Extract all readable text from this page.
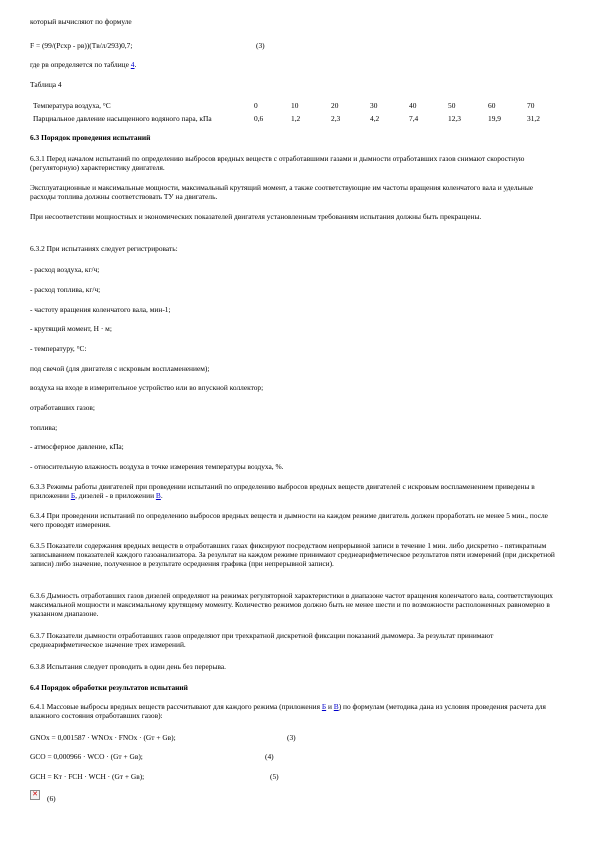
который вычисляют по формуле

F = (99/(Pсхр - pв))(Tв/л/293)0,7;	(3)

где рв определяется по таблице 4.

Таблица 4

Температура воздуха, °C	0	10	20	30	40	50	60	70
Парциальное давление насыщенного водяного пара, кПа	0,6	1,2	2,3	4,2	7,4	12,3	19,9	31,2

6.3 Порядок проведения испытаний

6.3.1 Перед началом испытаний по определению выбросов вредных веществ с отработавшими газами и дымности отработавших газов снимают скоростную (регуляторную) характеристику двигателя.

Эксплуатационные и максимальные мощности, максимальный крутящий момент, а также соответствующие им частоты вращения коленчатого вала и удельные расходы топлива должны соответствовать ТУ на двигатель.

При несоответствии мощностных и экономических показателей двигателя установленным требованиям испытания должны быть прекращены.

6.3.2 При испытаниях следует регистрировать:

- расход воздуха, кг/ч;

- расход топлива, кг/ч;

- частоту вращения коленчатого вала, мин-1;

- крутящий момент, Н · м;

- температуру, °C:

под свечой (для двигателя с искровым воспламенением);

воздуха на входе в измерительное устройство или во впускной коллектор;

отработавших газов;

топлива;

- атмосферное давление, кПа;

- относительную влажность воздуха в точке измерения температуры воздуха, %.

6.3.3 Режимы работы двигателей при проведении испытаний по определению выбросов вредных веществ двигателей с искровым воспламенением приведены в приложении Б, дизелей - в приложении В.

6.3.4 При проведении испытаний по определению выбросов вредных веществ и дымности на каждом режиме двигатель должен проработать не менее 5 мин., после чего проводят измерения.

6.3.5 Показатели содержания вредных веществ в отработавших газах фиксируют посредством непрерывной записи в течение 1 мин. либо дискретно - пятикратным записыванием показателей каждого газоанализатора. За результат на каждом режиме принимают среднеарифметическое результатов пяти измерений (при дискретной записи) либо значение, полученное в результате осреднения графика (при непрерывной записи).

6.3.6 Дымность отработавших газов дизелей определяют на режимах регуляторной характеристики в диапазоне частот вращения коленчатого вала, соответствующих максимальной мощности и максимальному крутящему моменту. Количество режимов должно быть не менее шести и по возможности расположенных равномерно в указанном диапазоне.

6.3.7 Показатели дымности отработавших газов определяют при трехкратной дискретной фиксации показаний дымомера. За результат принимают среднеарифметическое значение трех измерений.

6.3.8 Испытания следует проводить в один день без перерыва.

6.4 Порядок обработки результатов испытаний

6.4.1 Массовые выбросы вредных веществ рассчитывают для каждого режима (приложения Б и В) по формулам (методика дана из условия проведения расчета для влажного состояния отработавших газов):

GNOx = 0,001587 · WNOx · FNOx · (Gт + Gв);	(3)
GCO = 0,000966 · WCO · (Gт + Gв);	(4)
GCH = Kт · FCH · WCH · (Gт + Gв);	(5)
✕
(6)
